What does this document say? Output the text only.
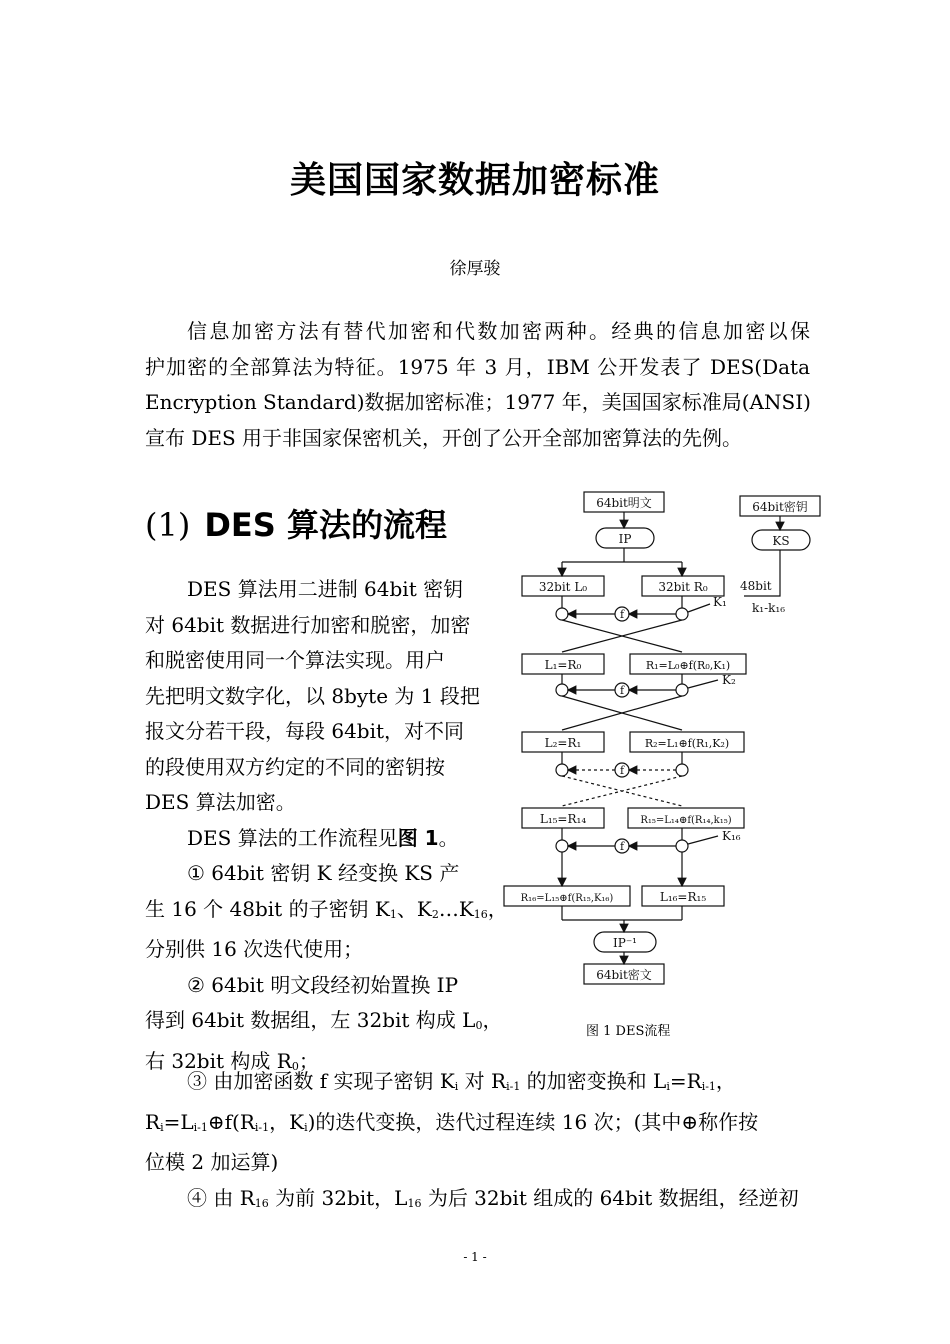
美国国家数据加密标准
徐厚骏
信息加密方法有替代加密和代数加密两种。经典的信息加密以保
护加密的全部算法为特征。1975 年 3 月，IBM 公开发表了 DES(Data
Encryption Standard)数据加密标准；1977 年，美国国家标准局(ANSI)
宣布 DES 用于非国家保密机关，开创了公开全部加密算法的先例。
(1) DES 算法的流程
DES 算法用二进制 64bit 密钥
对 64bit 数据进行加密和脱密，加密
和脱密使用同一个算法实现。用户
先把明文数字化，以 8byte 为 1 段把
报文分若干段，每段 64bit，对不同
的段使用双方约定的不同的密钥按
DES 算法加密。
DES 算法的工作流程见图 1。
① 64bit 密钥 K 经变换 KS 产
生 16 个 48bit 的子密钥 $K_1$、$K_2\dots K_{16}$，
分别供 16 次迭代使用；
② 64bit 明文段经初始置换 IP
得到 64bit 数据组，左 32bit 构成 $L_0$，
右 32bit 构成 $R_0$；
③ 由加密函数 f 实现子密钥 $K_i$ 对 $R_{i-1}$ 的加密变换和 $L_i=R_{i-1}$，
$R_i=L_{i-1}\oplus f(R_{i-1}$，$K_i$)的迭代变换，迭代过程连续 16 次；(其中⊕称作按
位模 2 加运算)
④ 由 $R_{16}$ 为前 32bit，$L_{16}$ 为后 32bit 组成的 64bit 数据组，经逆初
64bit明文	64bit密钥
IP	KS
32bit L₀	32bit R₀	48bit
k₁-k₁₆
K₁
K₂
K₁₆
f
f
f
f
L₁=R₀	R₁=L₀⊕f(R₀,K₁)
L₂=R₁	R₂=L₁⊕f(R₁,K₂)
L₁₅=R₁₄	R₁₅=L₁₄⊕f(R₁₄,k₁₅)
R₁₆=L₁₅⊕f(R₁₅,K₁₆)	L₁₆=R₁₅
IP⁻¹
64bit密文
图 1 DES流程
- 1 -
